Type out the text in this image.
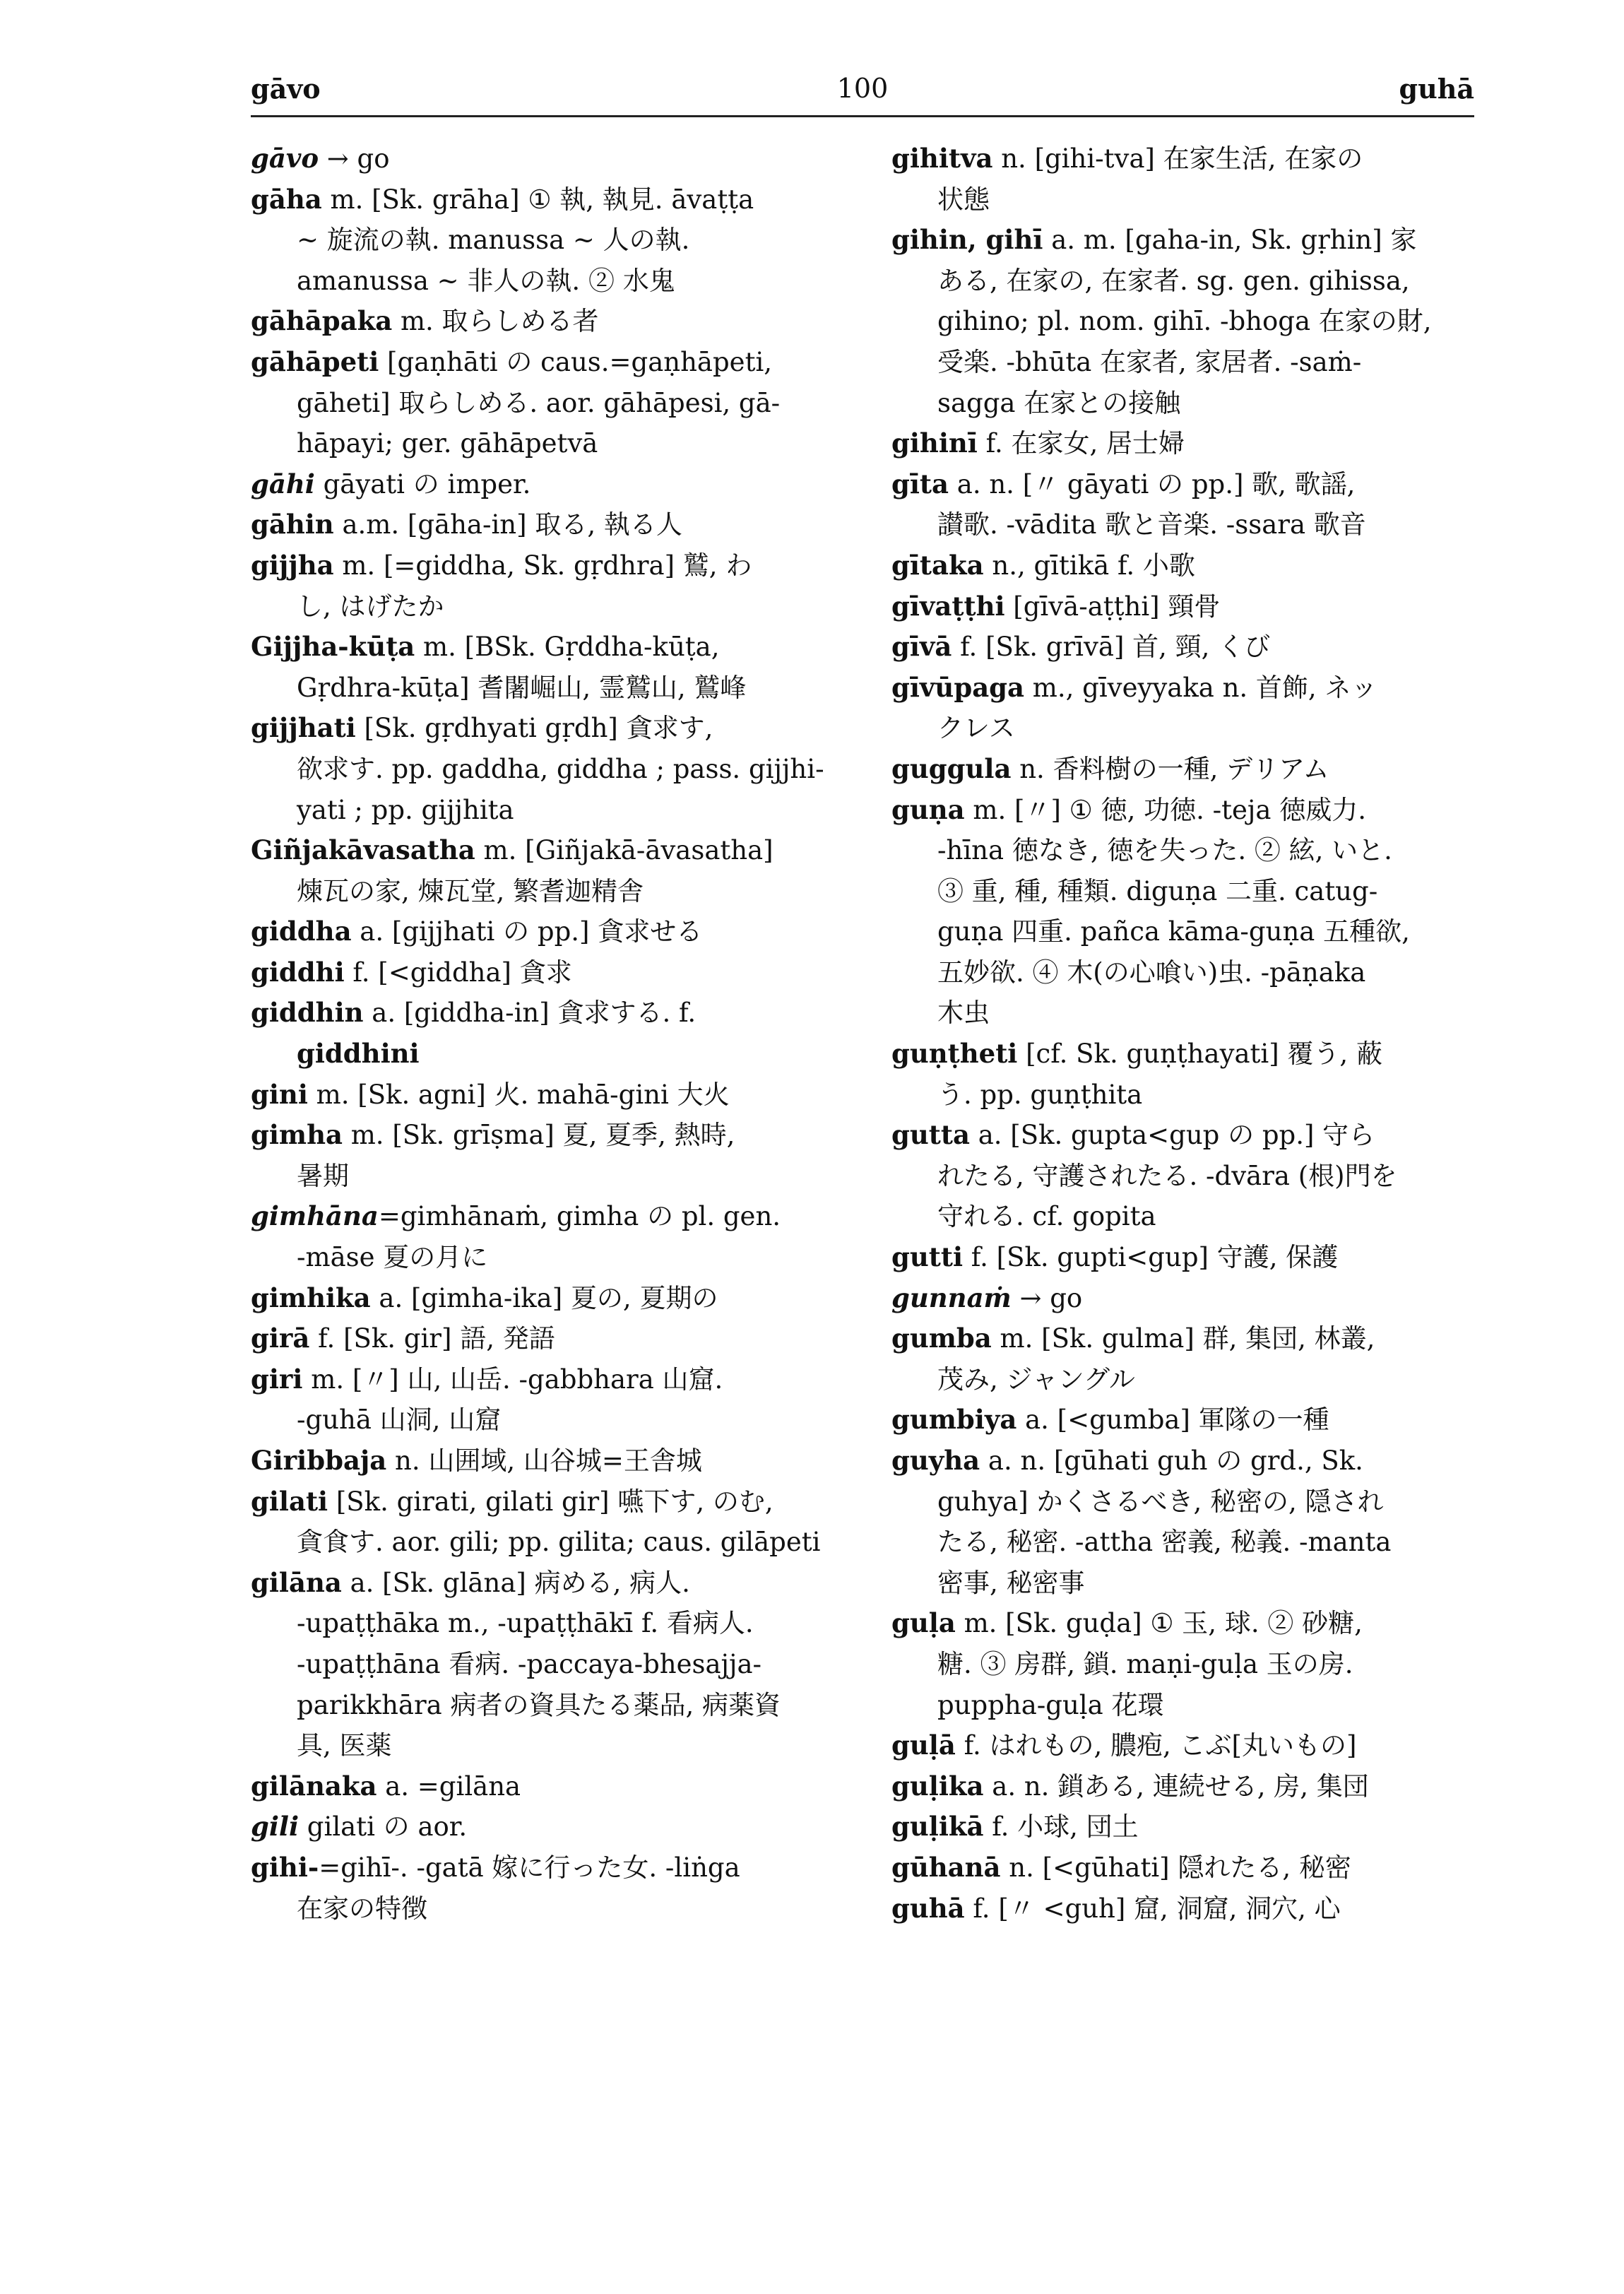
gāvo	100	guhā
gāvo → go
gāha m. [Sk. grāha] ① 執, 執見. āvaṭṭa
~ 旋流の執. manussa ~ 人の執.
amanussa ~ 非人の執. ② 水鬼
gāhāpaka m. 取らしめる者
gāhāpeti [gaṇhāti の caus.=gaṇhāpeti,
gāheti] 取らしめる. aor. gāhāpesi, gā-
hāpayi; ger. gāhāpetvā
gāhi gāyati の imper.
gāhin a.m. [gāha-in] 取る, 執る人
gijjha m. [=giddha, Sk. gṛdhra] 鷲, わ
し, はげたか
Gijjha-kūṭa m. [BSk. Gṛddha-kūṭa,
Gṛdhra-kūṭa] 耆闍崛山, 霊鷲山, 鷲峰
gijjhati [Sk. gṛdhyati gṛdh] 貪求す,
欲求す. pp. gaddha, giddha ; pass. gijjhi-
yati ; pp. gijjhita
Giñjakāvasatha m. [Giñjakā-āvasatha]
煉瓦の家, 煉瓦堂, 繁耆迦精舎
giddha a. [gijjhati の pp.] 貪求せる
giddhi f. [<giddha] 貪求
giddhin a. [giddha-in] 貪求する. f.
giddhini
gini m. [Sk. agni] 火. mahā-gini 大火
gimha m. [Sk. grīṣma] 夏, 夏季, 熱時,
暑期
gimhāna=gimhānaṁ, gimha の pl. gen.
-māse 夏の月に
gimhika a. [gimha-ika] 夏の, 夏期の
girā f. [Sk. gir] 語, 発語
giri m. [〃] 山, 山岳. -gabbhara 山窟.
-guhā 山洞, 山窟
Giribbaja n. 山囲域, 山谷城=王舎城
gilati [Sk. girati, gilati gir] 嚥下す, のむ,
貪食す. aor. gili; pp. gilita; caus. gilāpeti
gilāna a. [Sk. glāna] 病める, 病人.
-upaṭṭhāka m., -upaṭṭhākī f. 看病人.
-upaṭṭhāna 看病. -paccaya-bhesajja-
parikkhāra 病者の資具たる薬品, 病薬資
具, 医薬
gilānaka a. =gilāna
gili gilati の aor.
gihi-=gihī-. -gatā 嫁に行った女. -liṅga
在家の特徴
gihitva n. [gihi-tva] 在家生活, 在家の
状態
gihin, gihī a. m. [gaha-in, Sk. gṛhin] 家
ある, 在家の, 在家者. sg. gen. gihissa,
gihino; pl. nom. gihī. -bhoga 在家の財,
受楽. -bhūta 在家者, 家居者. -saṁ-
sagga 在家との接触
gihinī f. 在家女, 居士婦
gīta a. n. [〃 gāyati の pp.] 歌, 歌謡,
讃歌. -vādita 歌と音楽. -ssara 歌音
gītaka n., gītikā f. 小歌
gīvaṭṭhi [gīvā-aṭṭhi] 頸骨
gīvā f. [Sk. grīvā] 首, 頸, くび
gīvūpaga m., gīveyyaka n. 首飾, ネッ
クレス
guggula n. 香料樹の一種, デリアム
guṇa m. [〃] ① 徳, 功徳. -teja 徳威力.
-hīna 徳なき, 徳を失った. ② 絃, いと.
③ 重, 種, 種類. diguṇa 二重. catug-
guṇa 四重. pañca kāma-guṇa 五種欲,
五妙欲. ④ 木(の心喰い)虫. -pāṇaka
木虫
guṇṭheti [cf. Sk. guṇṭhayati] 覆う, 蔽
う. pp. guṇṭhita
gutta a. [Sk. gupta<gup の pp.] 守ら
れたる, 守護されたる. -dvāra (根)門を
守れる. cf. gopita
gutti f. [Sk. gupti<gup] 守護, 保護
gunnaṁ → go
gumba m. [Sk. gulma] 群, 集団, 林叢,
茂み, ジャングル
gumbiya a. [<gumba] 軍隊の一種
guyha a. n. [gūhati guh の grd., Sk.
guhya] かくさるべき, 秘密の, 隠され
たる, 秘密. -attha 密義, 秘義. -manta
密事, 秘密事
guḷa m. [Sk. guḍa] ① 玉, 球. ② 砂糖,
糖. ③ 房群, 鎖. maṇi-guḷa 玉の房.
puppha-guḷa 花環
guḷā f. はれもの, 膿疱, こぶ[丸いもの]
guḷika a. n. 鎖ある, 連続せる, 房, 集団
guḷikā f. 小球, 団土
gūhanā n. [<gūhati] 隠れたる, 秘密
guhā f. [〃 <guh] 窟, 洞窟, 洞穴, 心
